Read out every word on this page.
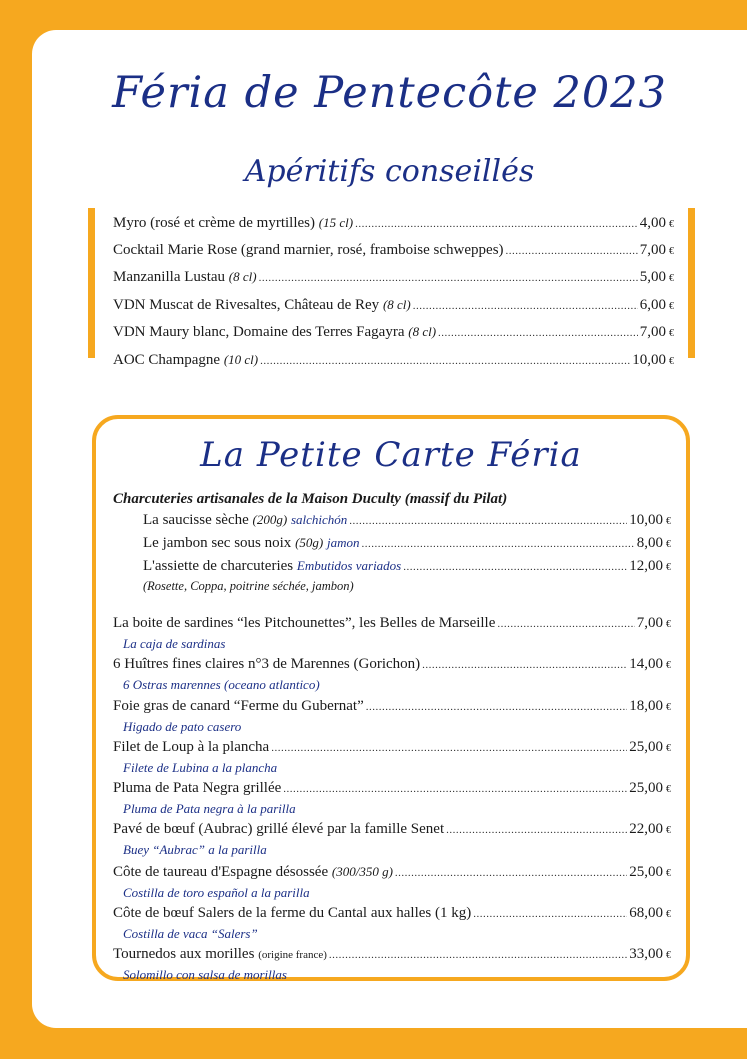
Féria de Pentecôte 2023
Apéritifs conseillés
Myro (rosé et crème de myrtilles)
(15 cl) .....	4,00 €
Cocktail Marie Rose (grand marnier, rosé, framboise schweppes) .....	7,00 €
Manzanilla Lustau
(8 cl) .....	5,00 €
VDN Muscat de Rivesaltes, Château de Rey
(8 cl) .....	6,00 €
VDN Maury blanc, Domaine des Terres Fagayra
(8 cl) .....	7,00 €
AOC Champagne
(10 cl) .....	10,00 €
La Petite Carte Féria
Charcuteries artisanales de la Maison Duculty (massif du Pilat)
La saucisse sèche
(200g)
salchichón .....	10,00 €
Le jambon sec sous noix
(50g)
jamon .....	8,00 €
L'assiette de charcuteries
Embutidos variados .....	12,00 €
(Rosette, Coppa, poitrine séchée, jambon)
La boite de sardines “les Pitchounettes”, les Belles de Marseille .....	7,00 €
La caja de sardinas
6 Huîtres fines claires n°3 de Marennes (Gorichon) .....	14,00 €
6 Ostras marennes (oceano atlantico)
Foie gras de canard “Ferme du Gubernat” .....	18,00 €
Higado de pato casero
Filet de Loup à la plancha .....	25,00 €
Filete de Lubina a la plancha
Pluma de Pata Negra grillée .....	25,00 €
Pluma de Pata negra à la parilla
Pavé de bœuf (Aubrac) grillé élevé par la famille Senet .....	22,00 €
Buey “Aubrac” a la parilla
Côte de taureau d'Espagne désossée
(300/350 g) .....	25,00 €
Costilla de toro español a la parilla
Côte de bœuf Salers de la ferme du Cantal aux halles (1 kg) .....	68,00 €
Costilla de vaca “Salers”
Tournedos aux morilles
(origine france) .....	33,00 €
Solomillo con salsa de morillas
